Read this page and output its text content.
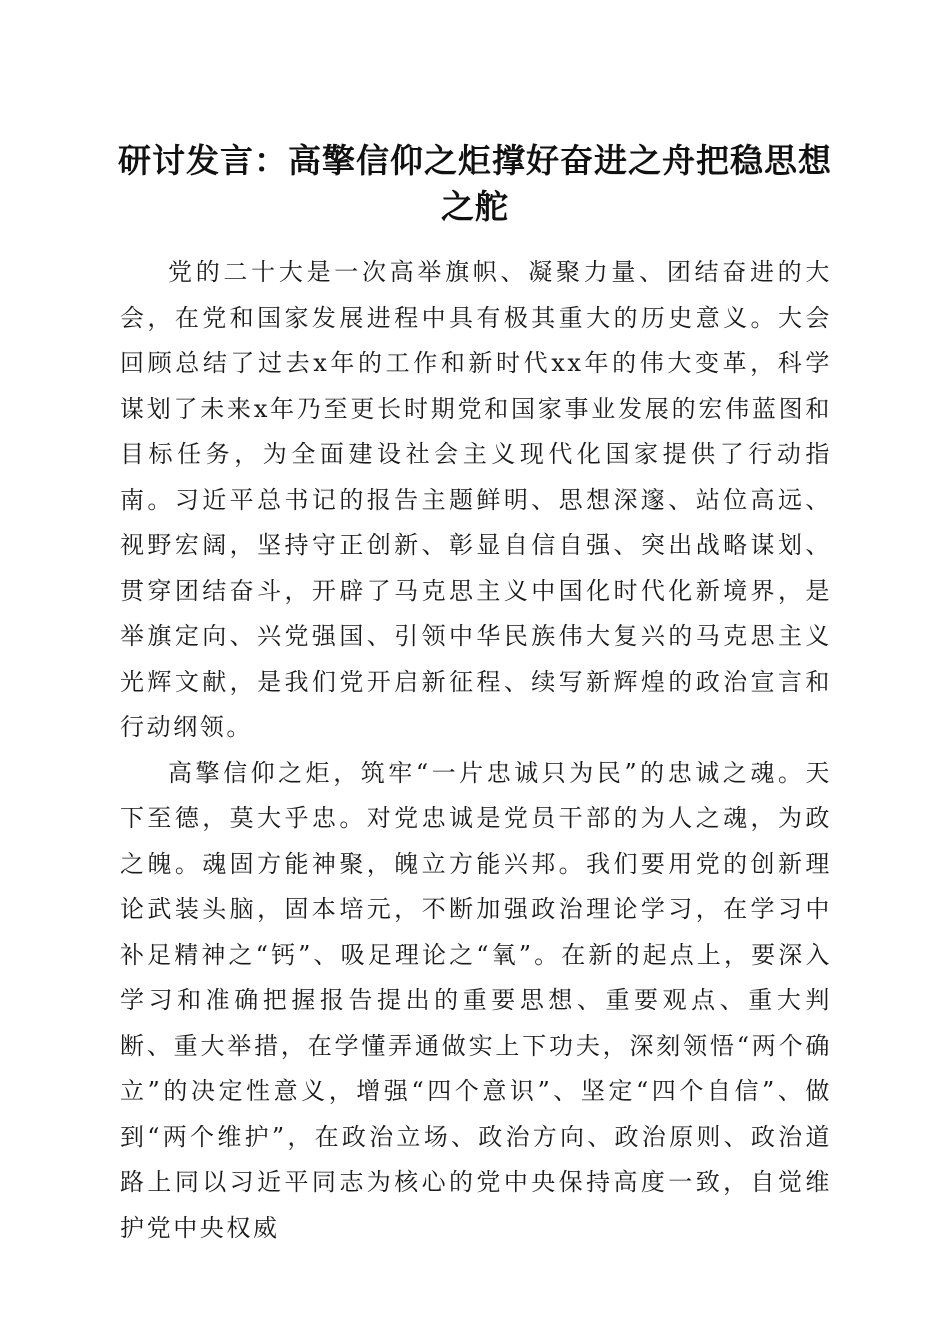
研讨发言：高擎信仰之炬撑好奋进之舟把稳思想之舵

党的二十大是一次高举旗帜、凝聚力量、团结奋进的大会，在党和国家发展进程中具有极其重大的历史意义。大会回顾总结了过去x年的工作和新时代xx年的伟大变革，科学谋划了未来x年乃至更长时期党和国家事业发展的宏伟蓝图和目标任务，为全面建设社会主义现代化国家提供了行动指南。习近平总书记的报告主题鲜明、思想深邃、站位高远、视野宏阔，坚持守正创新、彰显自信自强、突出战略谋划、贯穿团结奋斗，开辟了马克思主义中国化时代化新境界，是举旗定向、兴党强国、引领中华民族伟大复兴的马克思主义光辉文献，是我们党开启新征程、续写新辉煌的政治宣言和行动纲领。

高擎信仰之炬，筑牢“一片忠诚只为民”的忠诚之魂。天下至德，莫大乎忠。对党忠诚是党员干部的为人之魂，为政之魄。魂固方能神聚，魄立方能兴邦。我们要用党的创新理论武装头脑，固本培元，不断加强政治理论学习，在学习中补足精神之“钙”、吸足理论之“氧”。在新的起点上，要深入学习和准确把握报告提出的重要思想、重要观点、重大判断、重大举措，在学懂弄通做实上下功夫，深刻领悟“两个确立”的决定性意义，增强“四个意识”、坚定“四个自信”、做到“两个维护”，在政治立场、政治方向、政治原则、政治道路上同以习近平同志为核心的党中央保持高度一致，自觉维护党中央权威
